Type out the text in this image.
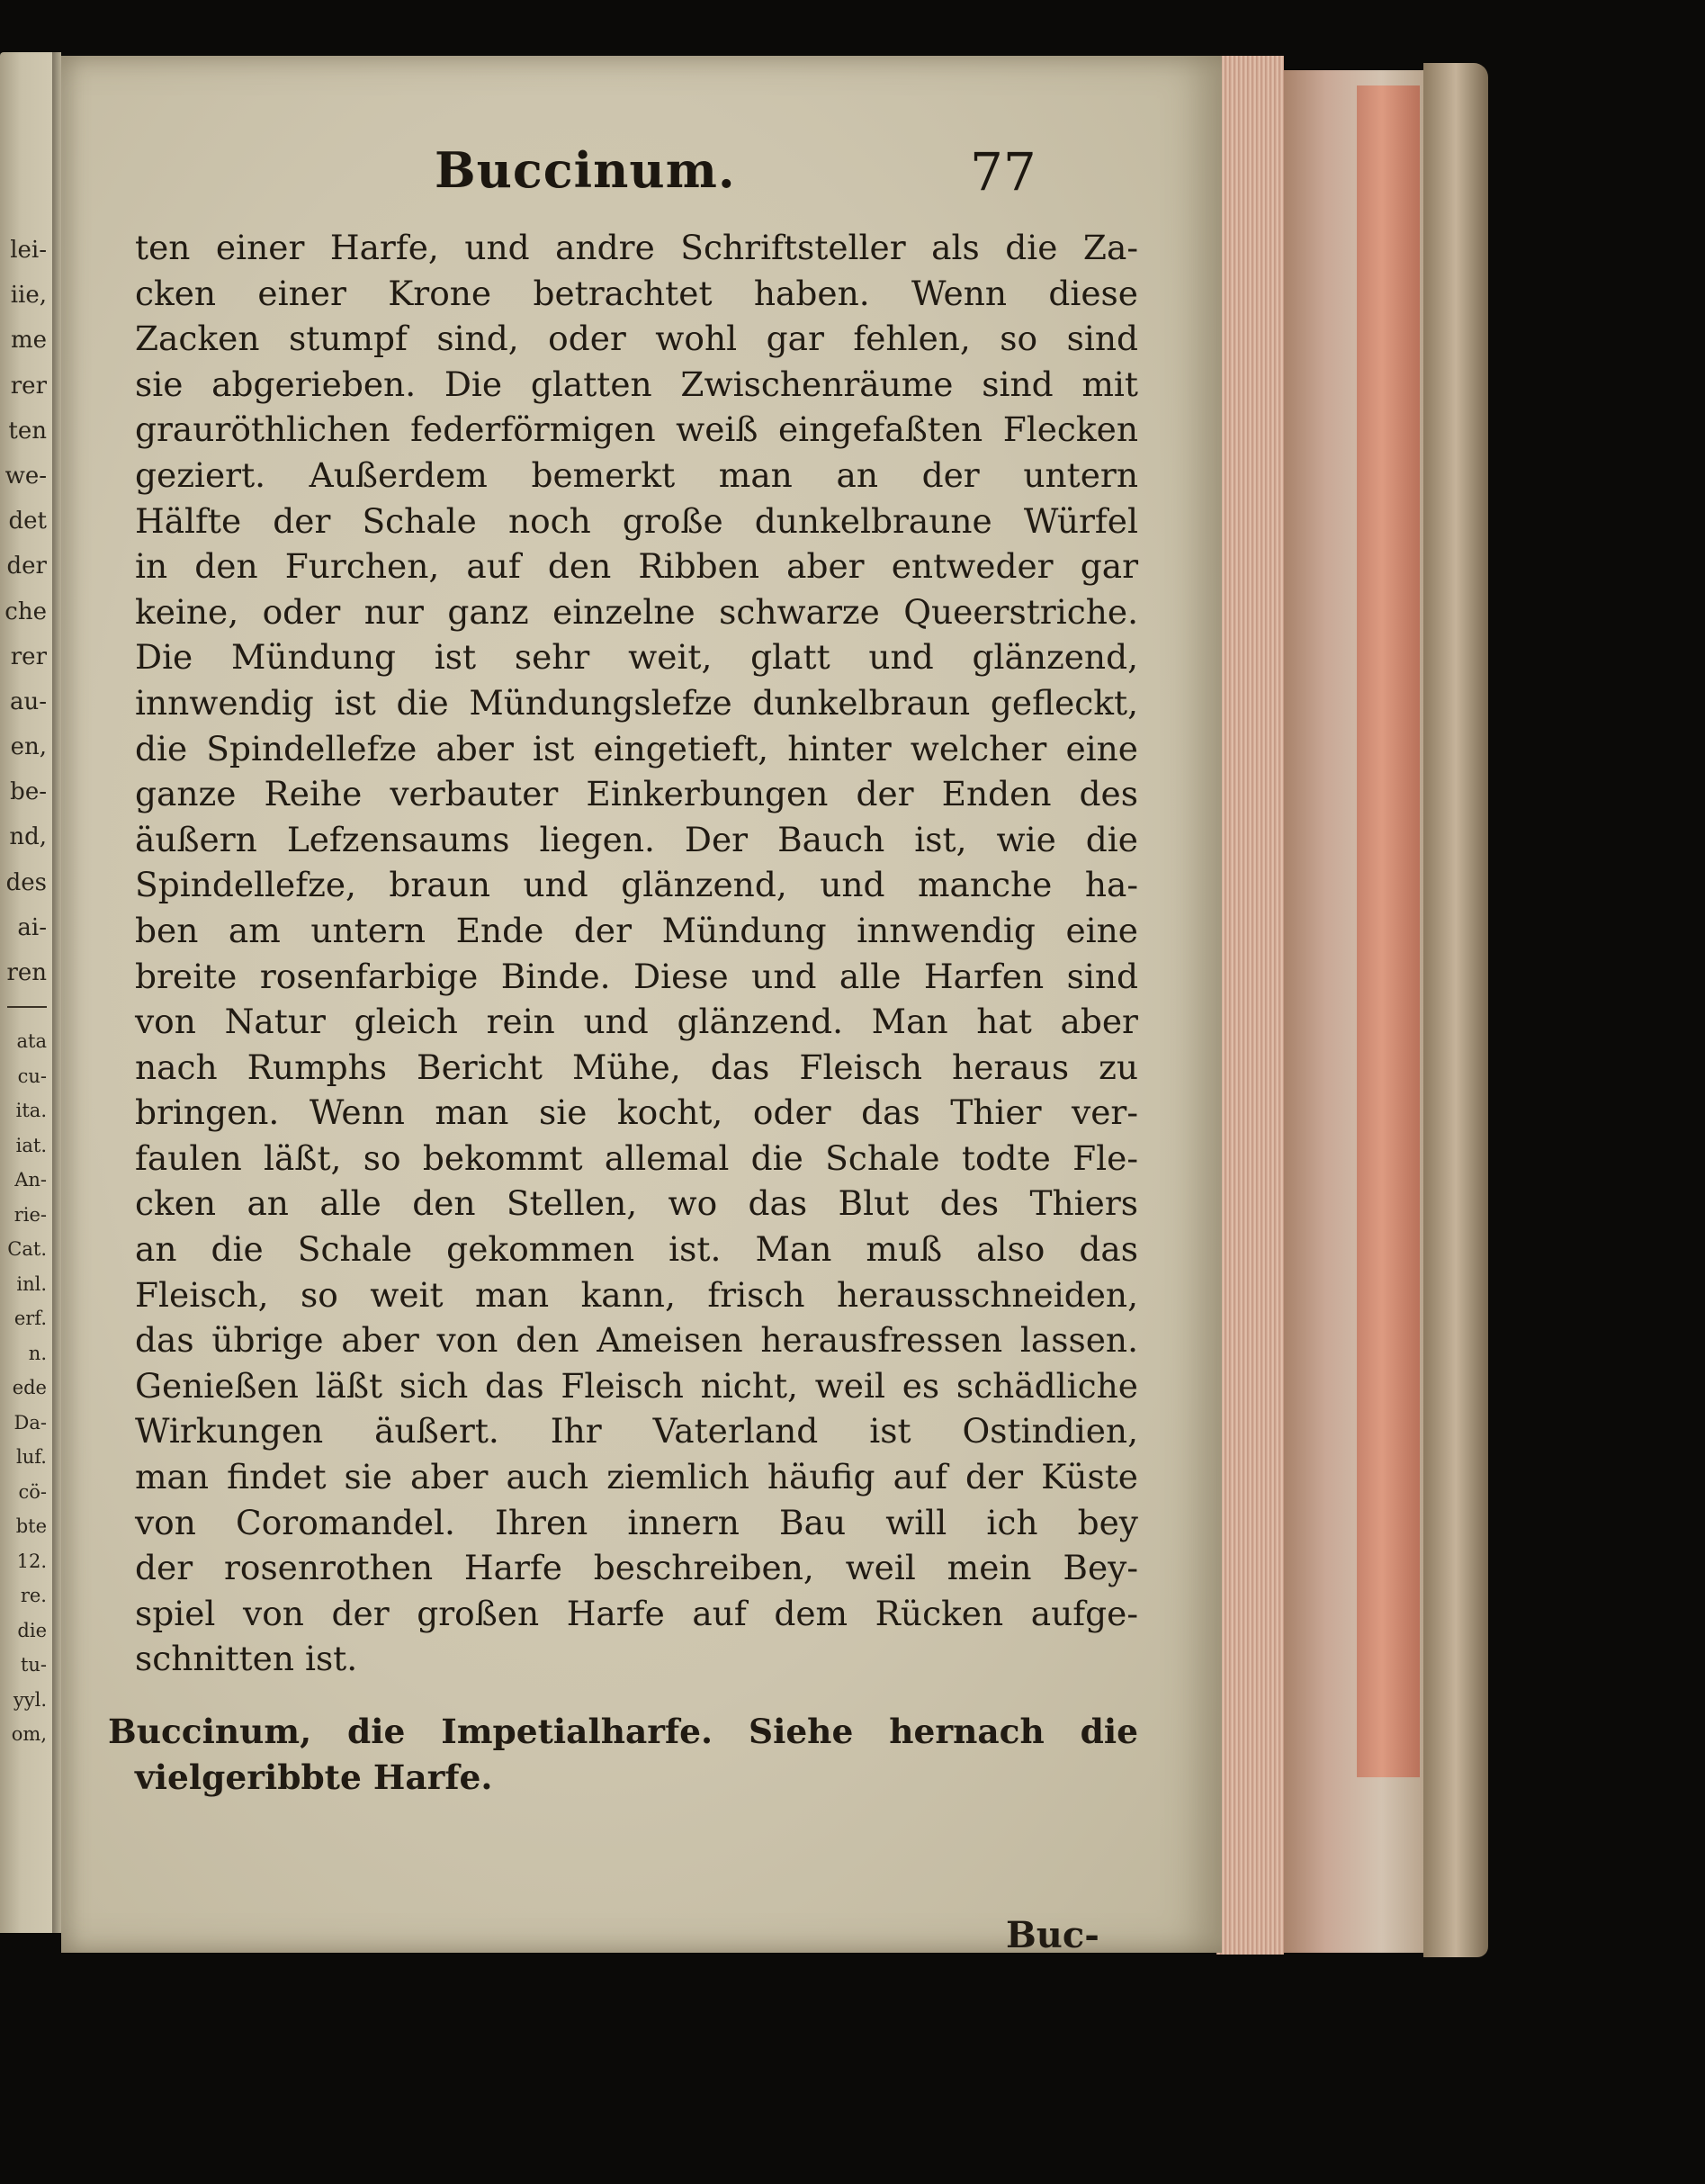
lei-
iie,
me
rer
ten
we-
det
der
che
rer
au-
en,
be-
nd,
des
ai-
ren
ata
cu-
ita.
iat.
An-
rie-
Cat.
inl.
erf.
n.
ede
Da-
luf.
cö-
bte
12.
re.
die
tu-
yyl.
om,
Buccinum.	77
ten einer Harfe, und andre Schriftsteller als die Za-
cken einer Krone betrachtet haben. Wenn diese
Zacken stumpf sind, oder wohl gar fehlen, so sind
sie abgerieben. Die glatten Zwischenräume sind mit
grauröthlichen federförmigen weiß eingefaßten Flecken
geziert. Außerdem bemerkt man an der untern
Hälfte der Schale noch große dunkelbraune Würfel
in den Furchen, auf den Ribben aber entweder gar
keine, oder nur ganz einzelne schwarze Queerstriche.
Die Mündung ist sehr weit, glatt und glänzend,
innwendig ist die Mündungslefze dunkelbraun gefleckt,
die Spindellefze aber ist eingetieft, hinter welcher eine
ganze Reihe verbauter Einkerbungen der Enden des
äußern Lefzensaums liegen. Der Bauch ist, wie die
Spindellefze, braun und glänzend, und manche ha-
ben am untern Ende der Mündung innwendig eine
breite rosenfarbige Binde. Diese und alle Harfen sind
von Natur gleich rein und glänzend. Man hat aber
nach Rumphs Bericht Mühe, das Fleisch heraus zu
bringen. Wenn man sie kocht, oder das Thier ver-
faulen läßt, so bekommt allemal die Schale todte Fle-
cken an alle den Stellen, wo das Blut des Thiers
an die Schale gekommen ist. Man muß also das
Fleisch, so weit man kann, frisch herausschneiden,
das übrige aber von den Ameisen herausfressen lassen.
Genießen läßt sich das Fleisch nicht, weil es schädliche
Wirkungen äußert. Ihr Vaterland ist Ostindien,
man findet sie aber auch ziemlich häufig auf der Küste
von Coromandel. Ihren innern Bau will ich bey
der rosenrothen Harfe beschreiben, weil mein Bey-
spiel von der großen Harfe auf dem Rücken aufge-
schnitten ist.
Buccinum, die Impetialharfe. Siehe hernach die
vielgeribbte Harfe.
Buc-
